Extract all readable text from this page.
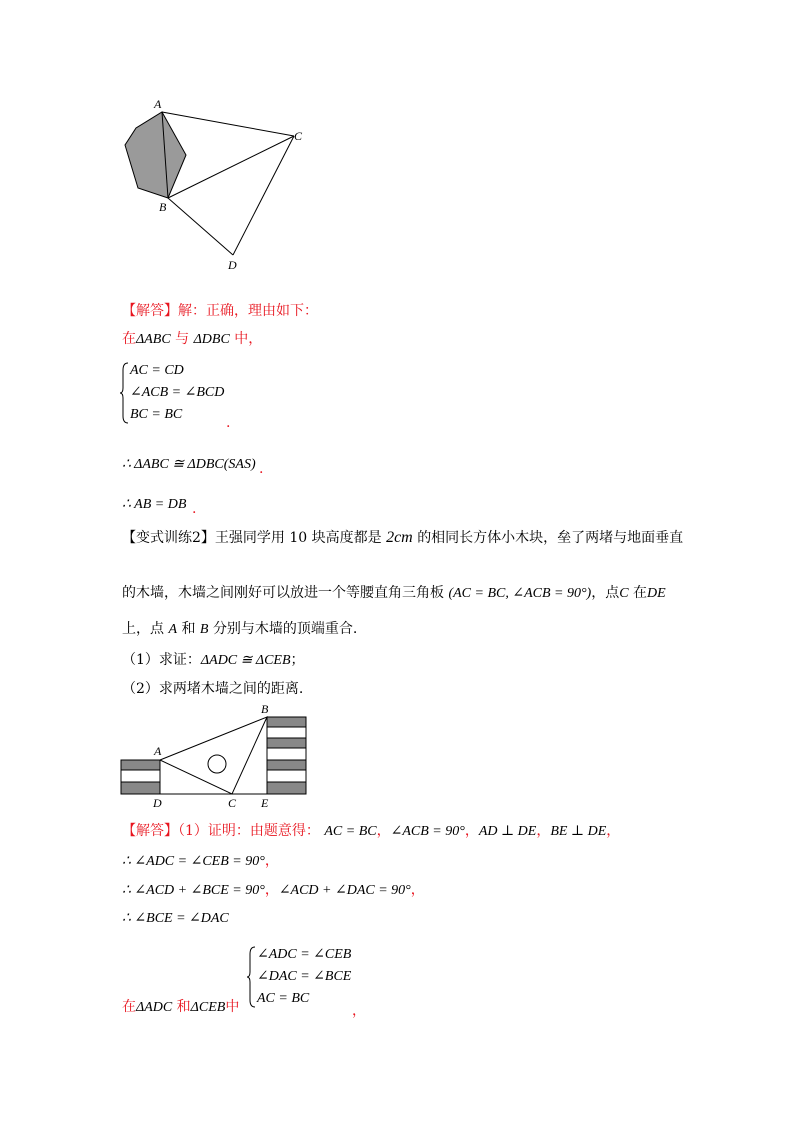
A
C
B
D
【解答】解：正确，理由如下：
在ΔABC 与 ΔDBC 中，
AC = CD
∠ACB = ∠BCD
BC = BC
.
∴ ΔABC ≅ ΔDBC(SAS) .
∴ AB = DB .
【变式训练2】王强同学用 10 块高度都是 2cm 的相同长方体小木块，垒了两堵与地面垂直
的木墙，木墙之间刚好可以放进一个等腰直角三角板 (AC = BC, ∠ACB = 90°)，点C 在DE
上，点 A 和 B 分别与木墙的顶端重合.
（1）求证：ΔADC ≅ ΔCEB；
（2）求两堵木墙之间的距离.
A
B
C
D	E
【解答】（1）证明：由题意得： AC = BC，∠ACB = 90°，AD ⊥ DE，BE ⊥ DE，
∴ ∠ADC = ∠CEB = 90°，
∴ ∠ACD + ∠BCE = 90°，∠ACD + ∠DAC = 90°，
∴ ∠BCE = ∠DAC
∠ADC = ∠CEB
∠DAC = ∠BCE
AC = BC
在ΔADC 和ΔCEB中	，
